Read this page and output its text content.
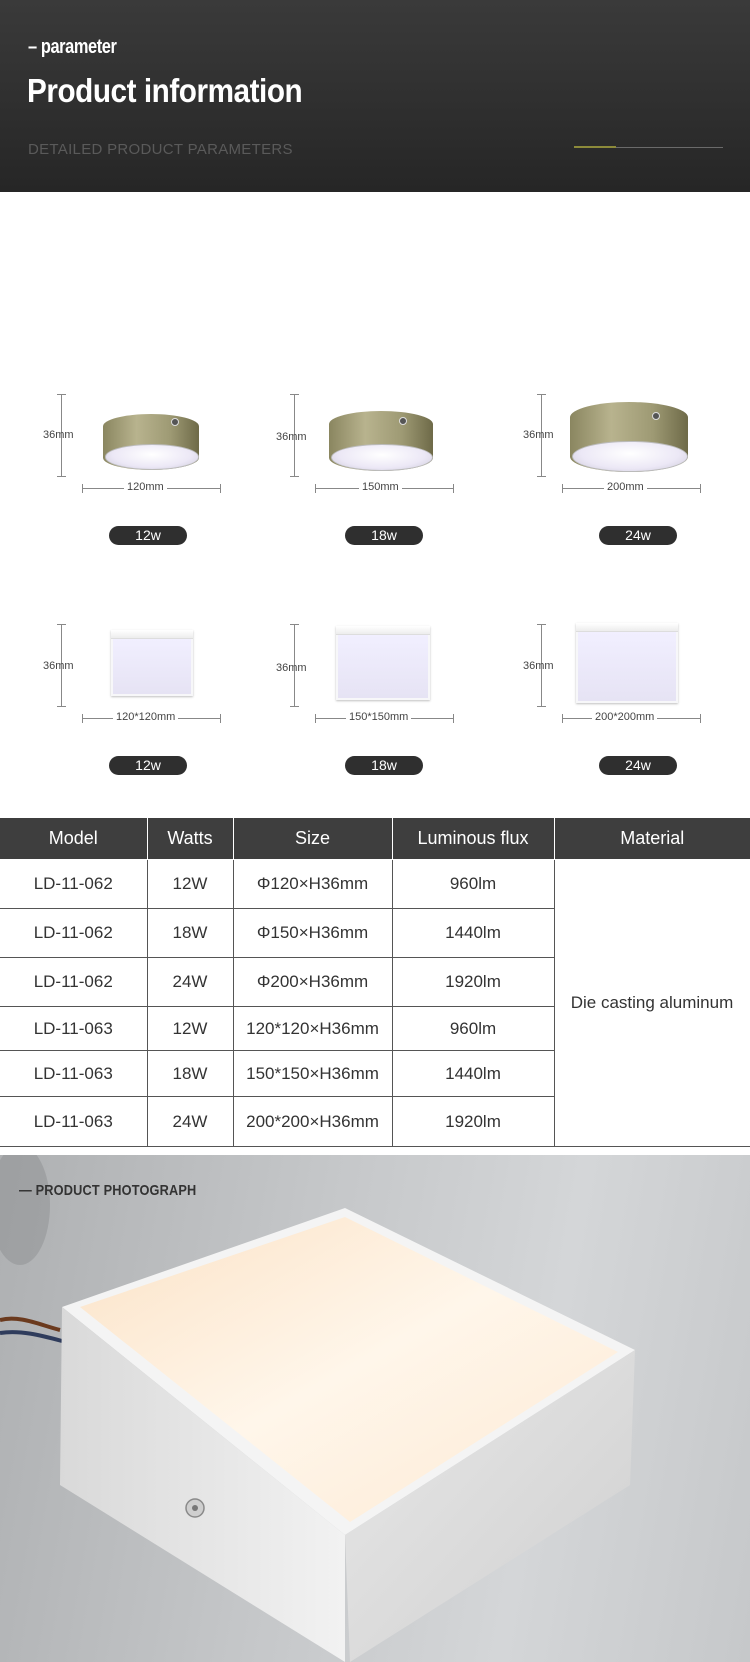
– parameter
Product information
DETAILED PRODUCT PARAMETERS
36mm
120mm
12w
36mm
150mm
18w
36mm
200mm
24w
36mm
120*120mm
12w
36mm
150*150mm
18w
36mm
200*200mm
24w
Model	Watts	Size	Luminous flux	Material
LD-11-062	12W	Φ120×H36mm	960lm	Die casting aluminum
LD-11-062	18W	Φ150×H36mm	1440lm	
LD-11-062	24W	Φ200×H36mm	1920lm	
LD-11-063	12W	120*120×H36mm	960lm	
LD-11-063	18W	150*150×H36mm	1440lm	
LD-11-063	24W	200*200×H36mm	1920lm	
— PRODUCT PHOTOGRAPH
